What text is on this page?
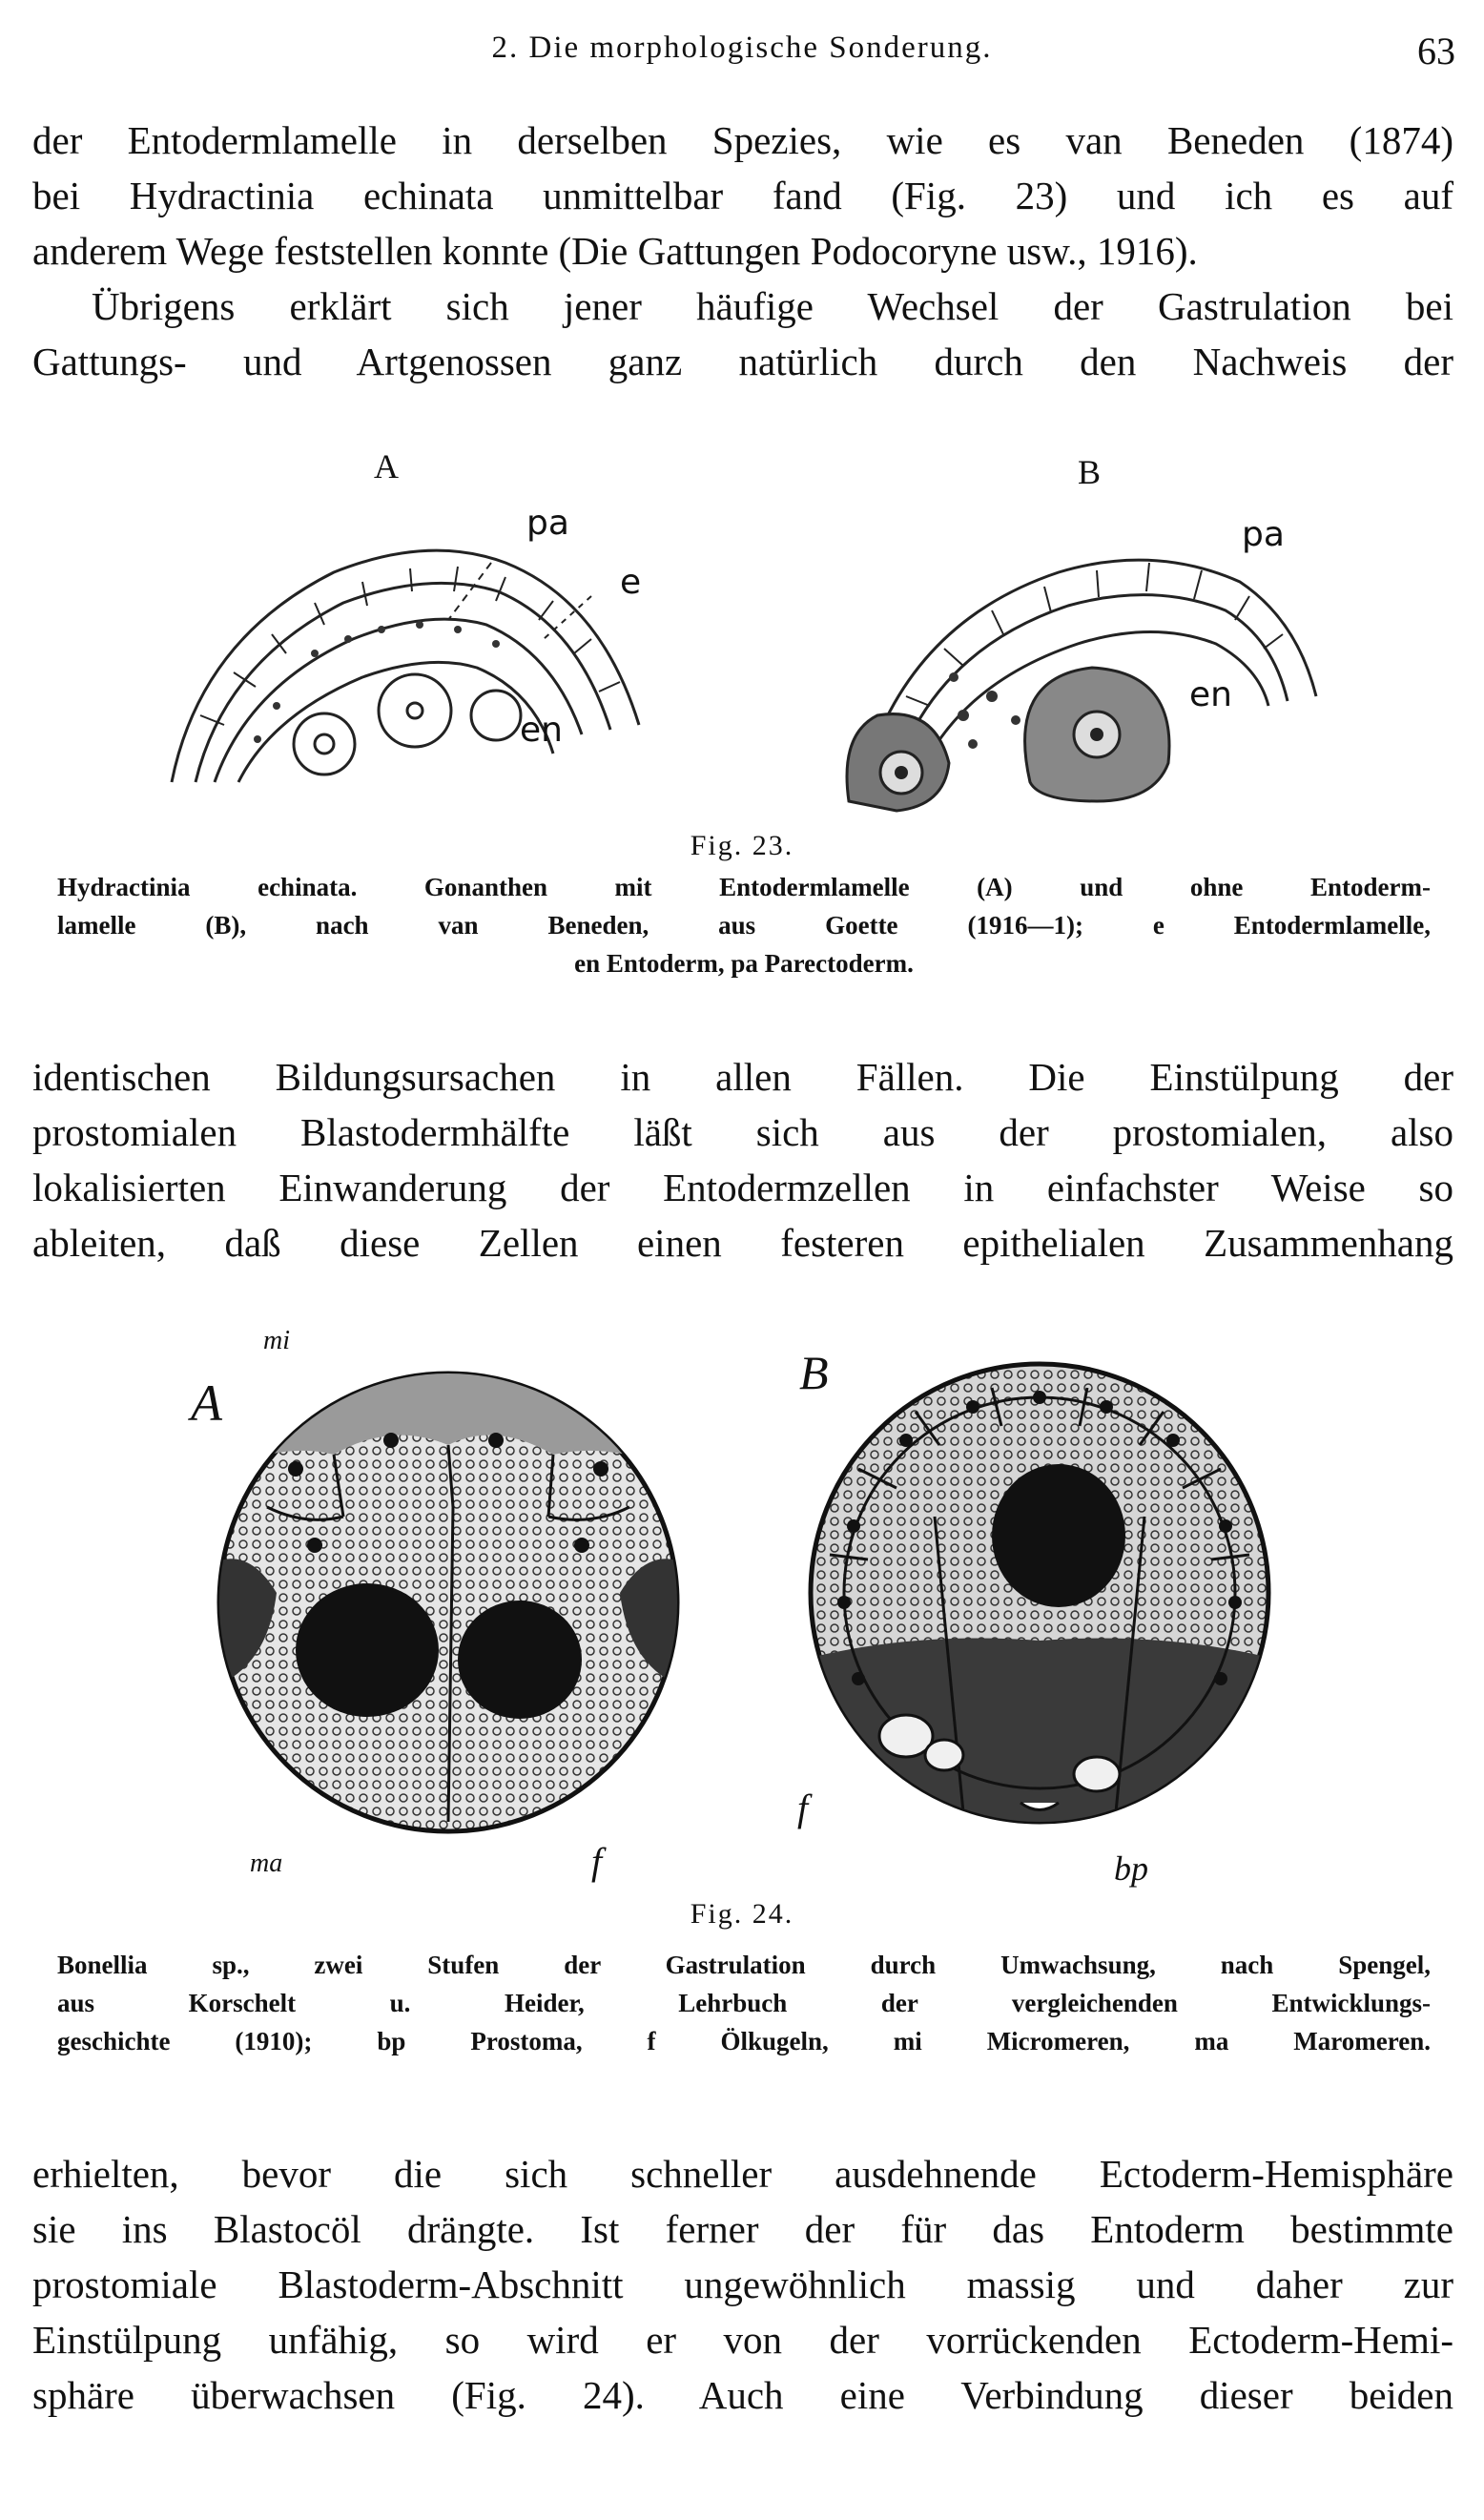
2. Die morphologische Sonderung.	63
der Entodermlamelle in derselben Spezies, wie es van Beneden (1874)
bei Hydractinia echinata unmittelbar fand (Fig. 23) und ich es auf
anderem Wege feststellen konnte (Die Gattungen Podocoryne usw., 1916).
Übrigens erklärt sich jener häufige Wechsel der Gastrulation bei
Gattungs- und Artgenossen ganz natürlich durch den Nachweis der
A	B
pa
e
en
pa
en
Fig. 23.
Hydractinia echinata. Gonanthen mit Entodermlamelle (A) und ohne Entoderm-
lamelle (B), nach van Beneden, aus Goette (1916—1); e Entodermlamelle,
en Entoderm, pa Parectoderm.
identischen Bildungsursachen in allen Fällen. Die Einstülpung der
prostomialen Blastodermhälfte läßt sich aus der prostomialen, also
lokalisierten Einwanderung der Entodermzellen in einfachster Weise so
ableiten, daß diese Zellen einen festeren epithelialen Zusammenhang
A
mi
B
ma	f
f
bp
Fig. 24.
Bonellia sp., zwei Stufen der Gastrulation durch Umwachsung, nach Spengel,
aus Korschelt u. Heider, Lehrbuch der vergleichenden Entwicklungs-
geschichte (1910); bp Prostoma, f Ölkugeln, mi Micromeren, ma Maromeren.
erhielten, bevor die sich schneller ausdehnende Ectoderm-Hemisphäre
sie ins Blastocöl drängte. Ist ferner der für das Entoderm bestimmte
prostomiale Blastoderm-Abschnitt ungewöhnlich massig und daher zur
Einstülpung unfähig, so wird er von der vorrückenden Ectoderm-Hemi-
sphäre überwachsen (Fig. 24). Auch eine Verbindung dieser beiden
